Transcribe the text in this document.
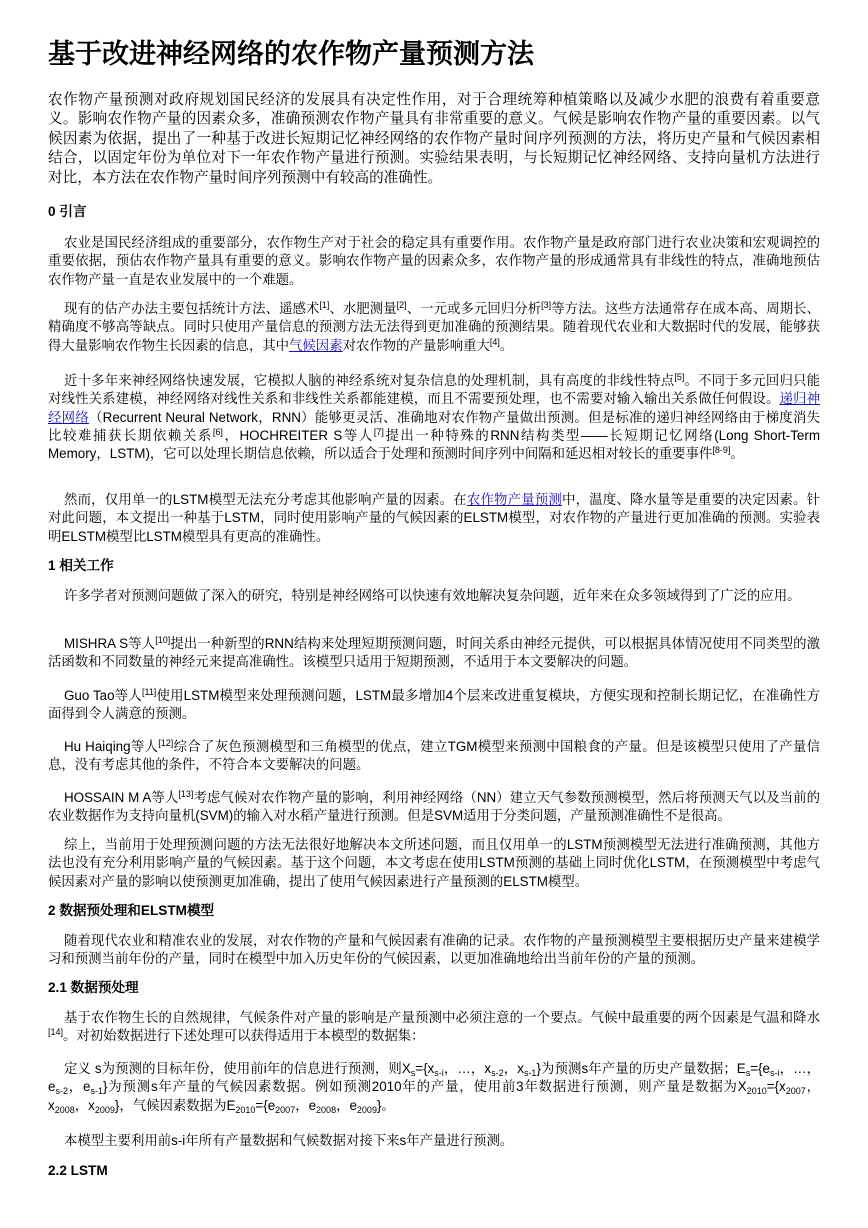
基于改进神经网络的农作物产量预测方法

农作物产量预测对政府规划国民经济的发展具有决定性作用，对于合理统筹种植策略以及减少水肥的浪费有着重要意义。影响农作物产量的因素众多，准确预测农作物产量具有非常重要的意义。气候是影响农作物产量的重要因素。以气候因素为依据，提出了一种基于改进长短期记忆神经网络的农作物产量时间序列预测的方法，将历史产量和气候因素相结合，以固定年份为单位对下一年农作物产量进行预测。实验结果表明，与长短期记忆神经网络、支持向量机方法进行对比，本方法在农作物产量时间序列预测中有较高的准确性。

0 引言

农业是国民经济组成的重要部分，农作物生产对于社会的稳定具有重要作用。农作物产量是政府部门进行农业决策和宏观调控的重要依据，预估农作物产量具有重要的意义。影响农作物产量的因素众多，农作物产量的形成通常具有非线性的特点，准确地预估农作物产量一直是农业发展中的一个难题。

现有的估产办法主要包括统计方法、遥感术[1]、水肥测量[2]、一元或多元回归分析[3]等方法。这些方法通常存在成本高、周期长、精确度不够高等缺点。同时只使用产量信息的预测方法无法得到更加准确的预测结果。随着现代农业和大数据时代的发展，能够获得大量影响农作物生长因素的信息，其中气候因素对农作物的产量影响重大[4]。

近十多年来神经网络快速发展，它模拟人脑的神经系统对复杂信息的处理机制，具有高度的非线性特点[5]。不同于多元回归只能对线性关系建模，神经网络对线性关系和非线性关系都能建模，而且不需要预处理，也不需要对输入输出关系做任何假设。递归神经网络（Recurrent Neural Network，RNN）能够更灵活、准确地对农作物产量做出预测。但是标准的递归神经网络由于梯度消失比较难捕获长期依赖关系[6]，HOCHREITER S等人[7]提出一种特殊的RNN结构类型——长短期记忆网络(Long Short-Term Memory，LSTM)，它可以处理长期信息依赖，所以适合于处理和预测时间序列中间隔和延迟相对较长的重要事件[8-9]。

然而，仅用单一的LSTM模型无法充分考虑其他影响产量的因素。在农作物产量预测中，温度、降水量等是重要的决定因素。针对此问题，本文提出一种基于LSTM，同时使用影响产量的气候因素的ELSTM模型，对农作物的产量进行更加准确的预测。实验表明ELSTM模型比LSTM模型具有更高的准确性。

1 相关工作

许多学者对预测问题做了深入的研究，特别是神经网络可以快速有效地解决复杂问题，近年来在众多领域得到了广泛的应用。

MISHRA S等人[10]提出一种新型的RNN结构来处理短期预测问题，时间关系由神经元提供，可以根据具体情况使用不同类型的激活函数和不同数量的神经元来提高准确性。该模型只适用于短期预测，不适用于本文要解决的问题。

Guo Tao等人[11]使用LSTM模型来处理预测问题，LSTM最多增加4个层来改进重复模块，方便实现和控制长期记忆，在准确性方面得到令人满意的预测。

Hu Haiqing等人[12]综合了灰色预测模型和三角模型的优点，建立TGM模型来预测中国粮食的产量。但是该模型只使用了产量信息，没有考虑其他的条件，不符合本文要解决的问题。

HOSSAIN M A等人[13]考虑气候对农作物产量的影响，利用神经网络（NN）建立天气参数预测模型，然后将预测天气以及当前的农业数据作为支持向量机(SVM)的输入对水稻产量进行预测。但是SVM适用于分类问题，产量预测准确性不是很高。

综上，当前用于处理预测问题的方法无法很好地解决本文所述问题，而且仅用单一的LSTM预测模型无法进行准确预测，其他方法也没有充分利用影响产量的气候因素。基于这个问题，本文考虑在使用LSTM预测的基础上同时优化LSTM，在预测模型中考虑气候因素对产量的影响以使预测更加准确，提出了使用气候因素进行产量预测的ELSTM模型。

2 数据预处理和ELSTM模型

随着现代农业和精准农业的发展，对农作物的产量和气候因素有准确的记录。农作物的产量预测模型主要根据历史产量来建模学习和预测当前年份的产量，同时在模型中加入历史年份的气候因素，以更加准确地给出当前年份的产量的预测。

2.1 数据预处理

基于农作物生长的自然规律，气候条件对产量的影响是产量预测中必须注意的一个要点。气候中最重要的两个因素是气温和降水[14]。对初始数据进行下述处理可以获得适用于本模型的数据集：

定义 s为预测的目标年份，使用前i年的信息进行预测，则$X_s=\{x_{s-i}$，…，$x_{s-2}$，$x_{s-1}$}为预测s年产量的历史产量数据；$E_s=\{e_{s-i}$，…，$e_{s-2}$，$e_{s-1}$}为预测s年产量的气候因素数据。例如预测2010年的产量，使用前3年数据进行预测，则产量是数据为$X_{2010}=\{x_{2007}$，$x_{2008}$，$x_{2009}$}，气候因素数据为$E_{2010}=\{e_{2007}$，$e_{2008}$，$e_{2009}$}。

本模型主要利用前s-i年所有产量数据和气候数据对接下来s年产量进行预测。

2.2 LSTM
